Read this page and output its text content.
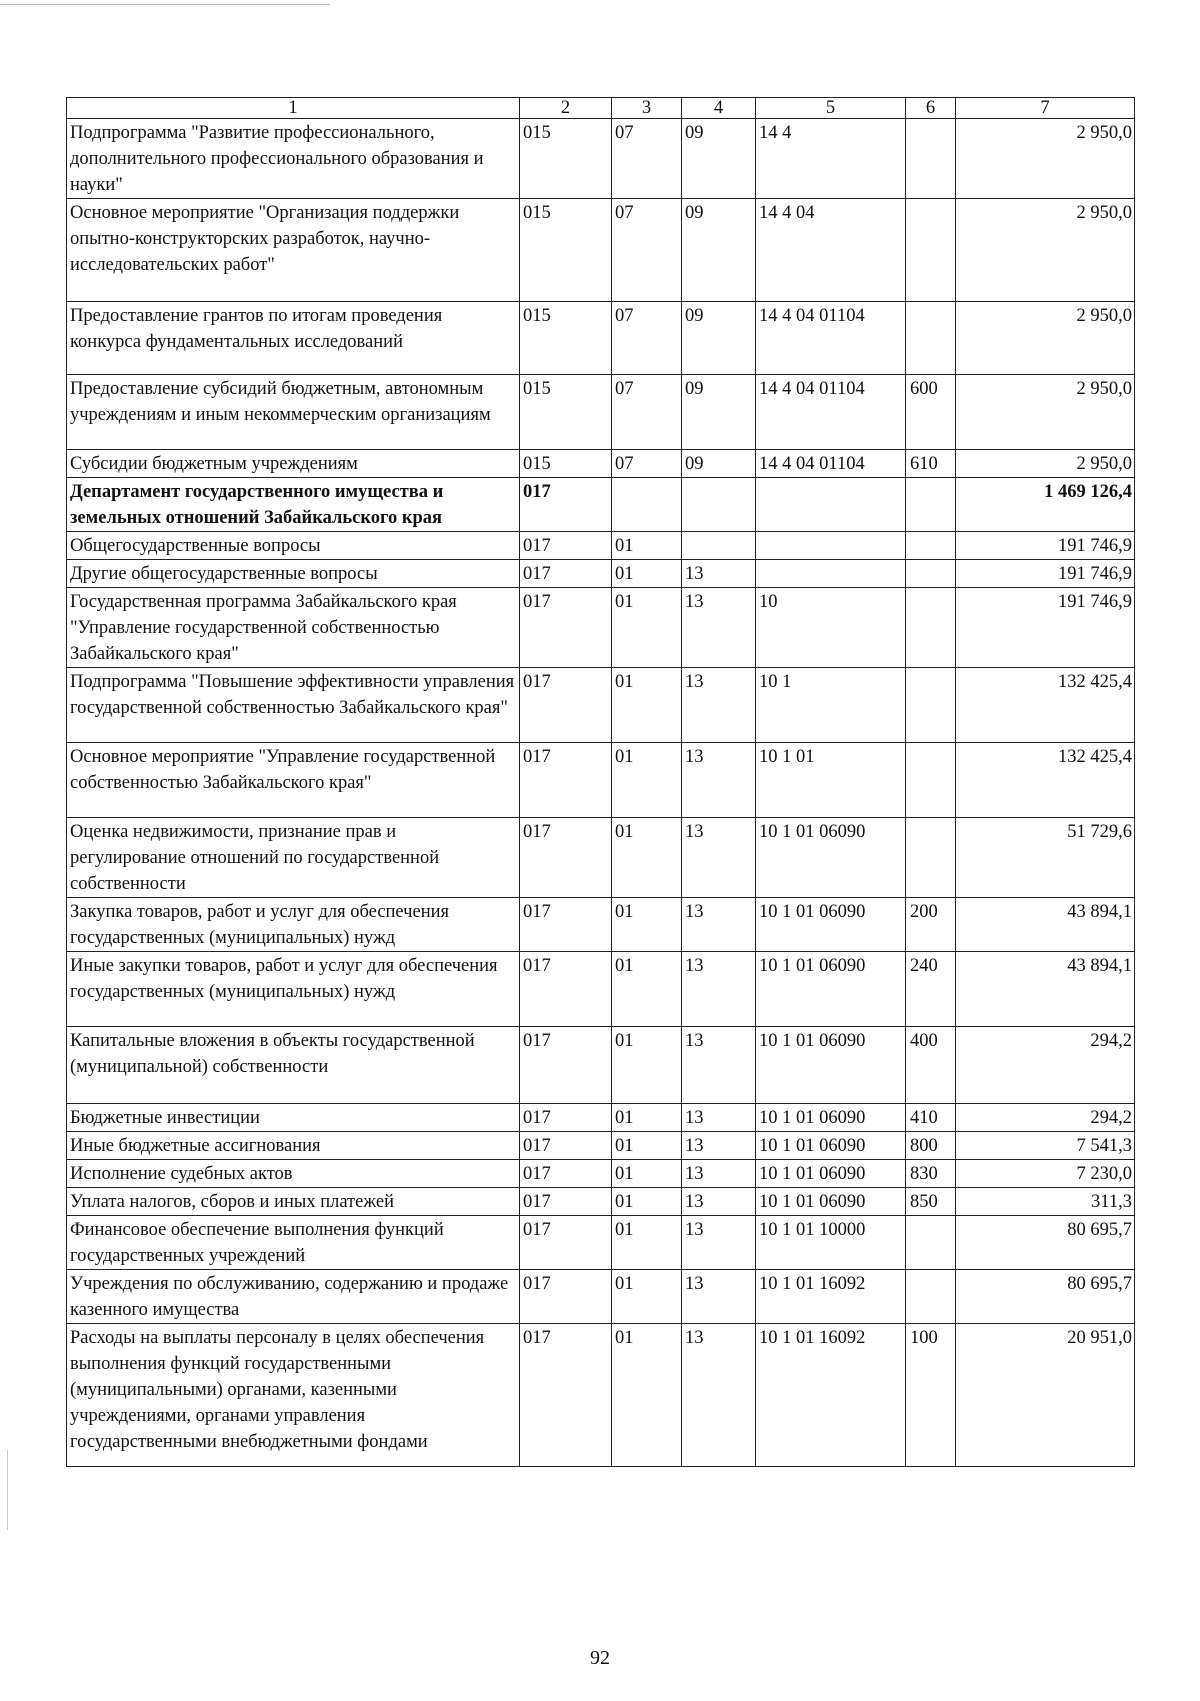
1	2	3	4	5	6	7
Подпрограмма "Развитие профессионального, дополнительного профессионального образования и науки"	015	07	09	14 4		2 950,0
Основное мероприятие "Организация поддержки опытно-конструкторских разработок, научно-исследовательских работ"	015	07	09	14 4 04		2 950,0
Предоставление грантов по итогам проведения конкурса фундаментальных исследований	015	07	09	14 4 04 01104		2 950,0
Предоставление субсидий бюджетным, автономным учреждениям и иным некоммерческим организациям	015	07	09	14 4 04 01104	600	2 950,0
Субсидии бюджетным учреждениям	015	07	09	14 4 04 01104	610	2 950,0
Департамент государственного имущества и земельных отношений Забайкальского края	017					1 469 126,4
Общегосударственные вопросы	017	01				191 746,9
Другие общегосударственные вопросы	017	01	13			191 746,9
Государственная программа Забайкальского края "Управление государственной собственностью Забайкальского края"	017	01	13	10		191 746,9
Подпрограмма "Повышение эффективности управления государственной собственностью Забайкальского края"	017	01	13	10 1		132 425,4
Основное мероприятие "Управление государственной собственностью Забайкальского края"	017	01	13	10 1 01		132 425,4
Оценка недвижимости, признание прав и регулирование отношений по государственной собственности	017	01	13	10 1 01 06090		51 729,6
Закупка товаров, работ и услуг для обеспечения государственных (муниципальных) нужд	017	01	13	10 1 01 06090	200	43 894,1
Иные закупки товаров, работ и услуг для обеспечения государственных (муниципальных) нужд	017	01	13	10 1 01 06090	240	43 894,1
Капитальные вложения в объекты государственной (муниципальной) собственности	017	01	13	10 1 01 06090	400	294,2
Бюджетные инвестиции	017	01	13	10 1 01 06090	410	294,2
Иные бюджетные ассигнования	017	01	13	10 1 01 06090	800	7 541,3
Исполнение судебных актов	017	01	13	10 1 01 06090	830	7 230,0
Уплата налогов, сборов и иных платежей	017	01	13	10 1 01 06090	850	311,3
Финансовое обеспечение выполнения функций государственных учреждений	017	01	13	10 1 01 10000		80 695,7
Учреждения по обслуживанию, содержанию и продаже казенного имущества	017	01	13	10 1 01 16092		80 695,7
Расходы на выплаты персоналу в целях обеспечения выполнения функций государственными (муниципальными) органами, казенными учреждениями, органами управления государственными внебюджетными фондами	017	01	13	10 1 01 16092	100	20 951,0
92
